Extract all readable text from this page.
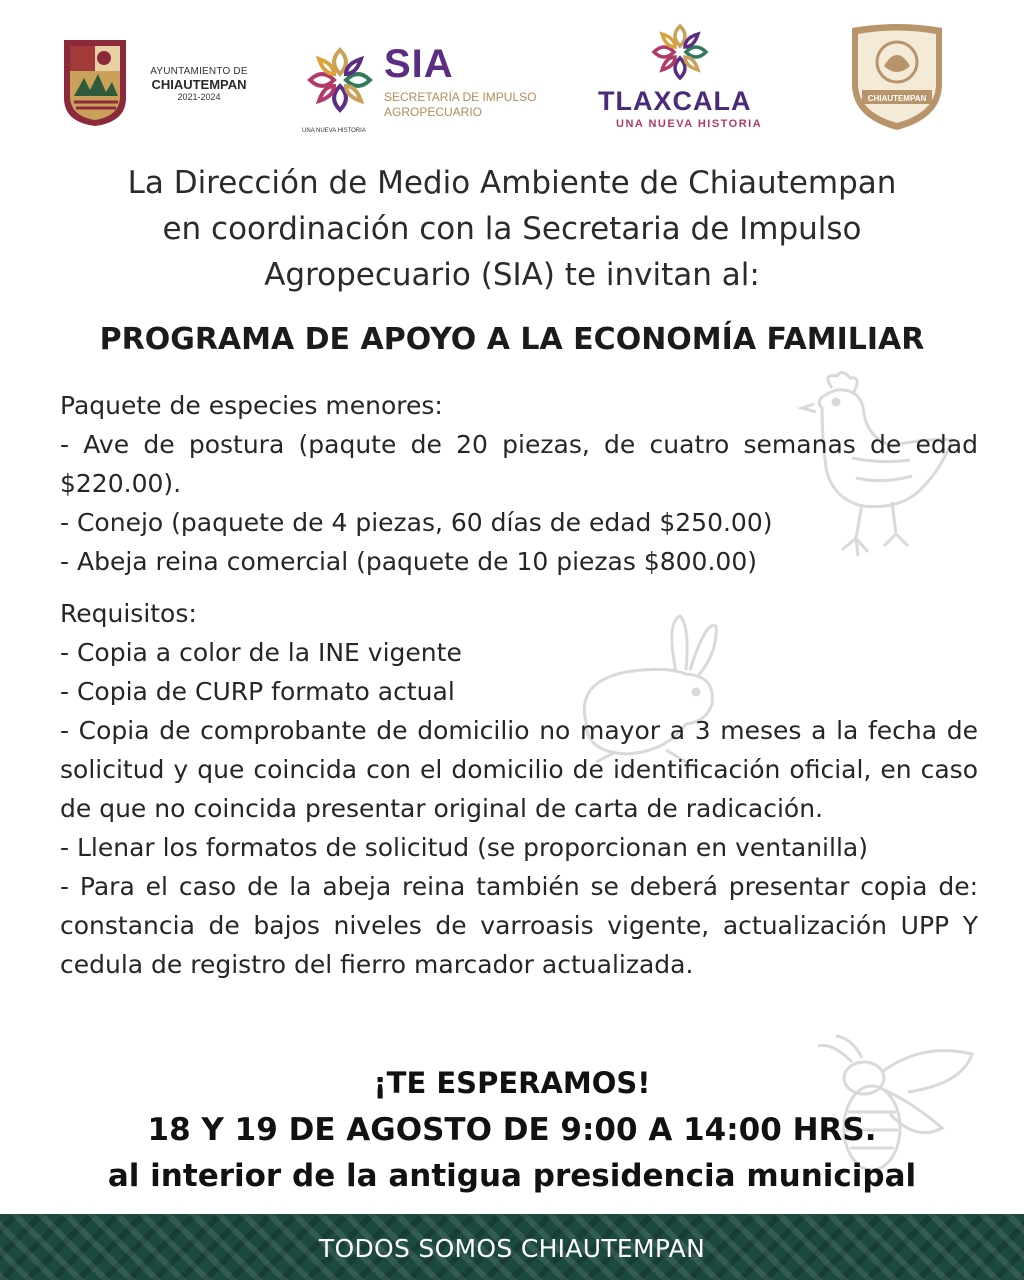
AYUNTAMIENTO DE
CHIAUTEMPAN
2021-2024
SIA
SECRETARÍA DE IMPULSO
AGROPECUARIO
UNA NUEVA HISTORIA
TLAXCALA
UNA NUEVA HISTORIA
CHIAUTEMPAN
La Dirección de Medio Ambiente de Chiautempan
en coordinación con la Secretaria de Impulso
Agropecuario (SIA) te invitan al:
PROGRAMA DE APOYO A LA ECONOMÍA FAMILIAR

Paquete de especies menores:

- Ave de postura (paqute de 20 piezas, de cuatro semanas de edad $220.00).

- Conejo (paquete de 4 piezas, 60 días de edad $250.00)

- Abeja reina comercial (paquete de 10 piezas $800.00)

Requisitos:

- Copia a color de la INE vigente

- Copia de CURP formato actual

- Copia de comprobante de domicilio no mayor a 3 meses a la fecha de solicitud y que coincida con el domicilio de identificación oficial, en caso de que no coincida presentar original de carta de radicación.

- Llenar los formatos de solicitud (se proporcionan en ventanilla)

- Para el caso de la abeja reina también se deberá presentar copia de: constancia de bajos niveles de varroasis vigente, actualización UPP Y cedula de registro del fierro marcador actualizada.

¡TE ESPERAMOS!
18 Y 19 DE AGOSTO DE 9:00 A 14:00 HRS.
al interior de la antigua presidencia municipal
TODOS SOMOS CHIAUTEMPAN
